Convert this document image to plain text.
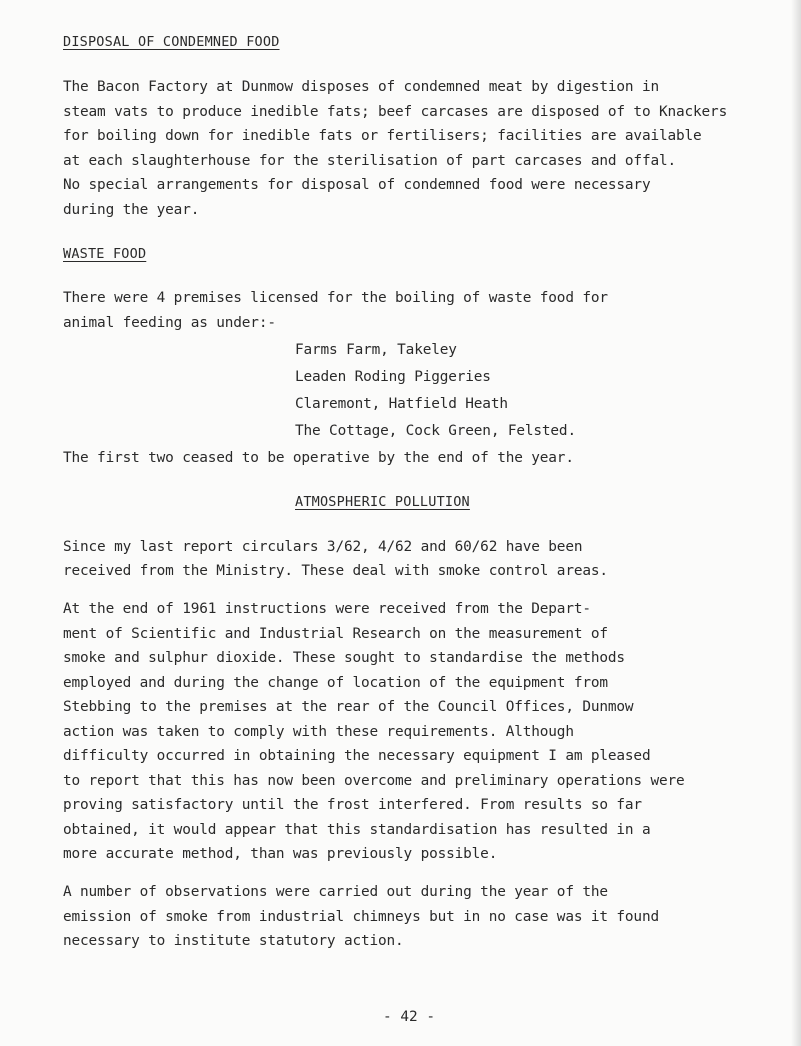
DISPOSAL OF CONDEMNED FOOD
The Bacon Factory at Dunmow disposes of condemned meat by digestion in
steam vats to produce inedible fats; beef carcases are disposed of to Knackers
for boiling down for inedible fats or fertilisers; facilities are available
at each slaughterhouse for the sterilisation of part carcases and offal.
No special arrangements for disposal of condemned food were necessary
during the year.
WASTE FOOD
There were 4 premises licensed for the boiling of waste food for
animal feeding as under:-
Farms Farm, Takeley
Leaden Roding Piggeries
Claremont, Hatfield Heath
The Cottage, Cock Green, Felsted.
The first two ceased to be operative by the end of the year.
ATMOSPHERIC POLLUTION
Since my last report circulars 3/62, 4/62 and 60/62 have been
received from the Ministry. These deal with smoke control areas.
At the end of 1961 instructions were received from the Depart-
ment of Scientific and Industrial Research on the measurement of
smoke and sulphur dioxide. These sought to standardise the methods
employed and during the change of location of the equipment from
Stebbing to the premises at the rear of the Council Offices, Dunmow
action was taken to comply with these requirements. Although
difficulty occurred in obtaining the necessary equipment I am pleased
to report that this has now been overcome and preliminary operations were
proving satisfactory until the frost interfered. From results so far
obtained, it would appear that this standardisation has resulted in a
more accurate method, than was previously possible.
A number of observations were carried out during the year of the
emission of smoke from industrial chimneys but in no case was it found
necessary to institute statutory action.
- 42 -
